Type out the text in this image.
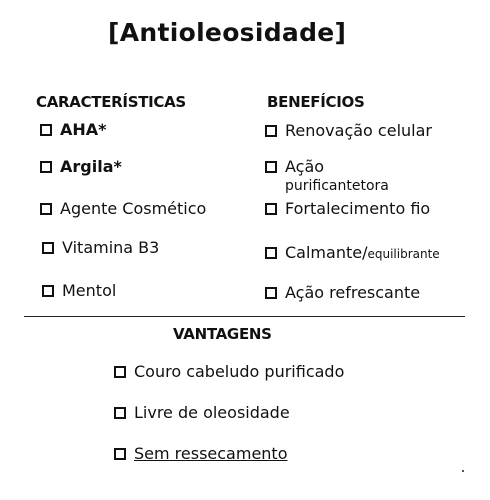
[Antioleosidade]
CARACTERÍSTICAS
AHA*
Argila*
Agente Cosmético
Vitamina B3
Mentol
BENEFÍCIOS
Renovação celular
Ação
purificantetora
Fortalecimento fio
Calmante/equilibrante
Ação refrescante
VANTAGENS
Couro cabeludo purificado
Livre de oleosidade
Sem ressecamento
